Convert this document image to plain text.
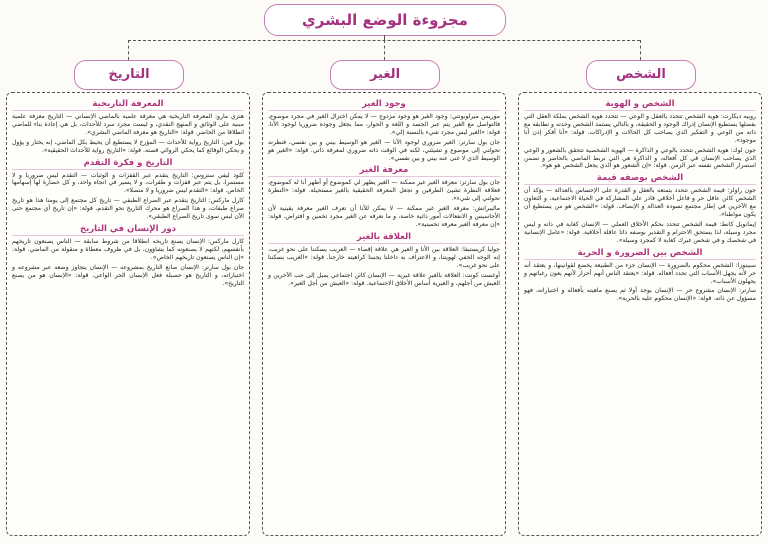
مجزوءة الوضع البشري
التاريخ	الغير	الشخص
الشخص و الهوية
روبيه ديكارت: هوية الشخص تتحدد بالعقل و الوعي — تتحدد هوية الشخص بملكة العقل التي بفضلها يستطيع الإنسان إدراك الوجود و الحقيقة، و بالتالي يستمد الشخص وحدته و تطابقه مع ذاته من الوعي و التفكير الذي يصاحب كل الحالات و الإدراكات. قولة: «أنا أفكر إذن أنا موجود».
جون لوك: هوية الشخص تتحدد بالوعي و الذاكرة — الهوية الشخصية تتحقق بالشعور و الوعي الذي يصاحب الإنسان في كل أفعاله، و الذاكرة هي التي تربط الماضي بالحاضر و تضمن استمرار الشخص نفسه عبر الزمن. قولة: «إن الشعور هو الذي يجعل الشخص هو هو».
الشخص بوصفه قيمة
جون راولز: قيمة الشخص تتحدد بتمتعه بالعقل و القدرة على الإحساس بالعدالة — يؤكد أن الشخص كائن عاقل حر و فاعل أخلاقي قادر على المشاركة في الحياة الاجتماعية، و التعاون مع الآخرين في إطار مجتمع تسوده العدالة و الإنصاف. قولة: «الشخص هو من يستطيع أن يكون مواطنا».
إيمانويل كانط: قيمة الشخص تتحدد بحكم الأخلاق العملي — الإنسان كغاية في ذاته و ليس مجرد وسيلة، لذا يستحق الاحترام و التقدير بوصفه ذاتا عاقلة أخلاقية. قولة: «عامل الإنسانية في شخصك و في شخص غيرك كغاية لا كمجرد وسيلة».
الشخص بين الضرورة و الحرية
سبينوزا: الشخص محكوم بالضرورة — الإنسان جزء من الطبيعة يخضع لقوانينها، و يعتقد أنه حر لأنه يجهل الأسباب التي تحدد أفعاله. قولة: «يعتقد الناس أنهم أحرار لأنهم يعون رغباتهم و يجهلون الأسباب».
سارتر: الإنسان مشروع حر — الإنسان يوجد أولا ثم يصنع ماهيته بأفعاله و اختياراته، فهو مسؤول عن ذاته. قولة: «الإنسان محكوم عليه بالحرية».
وجود الغير
موريس ميرلوبونتي: وجود الغير هو وجود مزدوج — لا يمكن اختزال الغير في مجرد موضوع، فالتواصل مع الغير يتم عبر الجسد و اللغة و الحوار، مما يجعل وجوده ضروريا لوجود الأنا. قولة: «الغير ليس مجرد شيء بالنسبة إلي».
جان بول سارتر: الغير ضروري لوجود الأنا — الغير هو الوسيط بيني و بين نفسي، فنظرته تحولني إلى موضوع و تشيئني، لكنه في الوقت ذاته ضروري لمعرفة ذاتي. قولة: «الغير هو الوسيط الذي لا غنى عنه بيني و بين نفسي».
معرفة الغير
جان بول سارتر: معرفة الغير غير ممكنة — الغير يظهر لي كموضوع أو أظهر أنا له كموضوع، فعلاقة النظرة تشيئ الطرفين و تجعل المعرفة الحقيقية بالغير مستحيلة. قولة: «النظرة تحولني إلى شيء».
ماليبرانش: معرفة الغير غير ممكنة — لا يمكن للأنا أن تعرف الغير معرفة يقينية لأن الأحاسيس و الانفعالات أمور ذاتية خاصة، و ما نعرفه عن الغير مجرد تخمين و افتراض. قولة: «إن معرفة الغير معرفة تخمينية».
العلاقة بالغير
جوليا كريستيفا: العلاقة بين الأنا و الغير هي علاقة إقصاء — الغريب يسكننا على نحو غريب، إنه الوجه الخفي لهويتنا، و الاعتراف به داخلنا يجنبنا كراهيته خارجنا. قولة: «الغريب يسكننا على نحو غريب».
أوغست كونت: العلاقة بالغير علاقة غيرية — الإنسان كائن اجتماعي يميل إلى حب الآخرين و العيش من أجلهم، و الغيرية أساس الأخلاق الاجتماعية. قولة: «العيش من أجل الغير».
المعرفة التاريخية
هنري مارو: المعرفة التاريخية هي معرفة علمية بالماضي الإنساني — التاريخ معرفة علمية مبنية على الوثائق و المنهج النقدي، و ليست مجرد سرد للأحداث، بل هي إعادة بناء للماضي انطلاقا من الحاضر. قولة: «التاريخ هو معرفة الماضي البشري».
بول فين: التاريخ رواية للأحداث — المؤرخ لا يستطيع أن يحيط بكل الماضي، إنه يختار و يؤول و يحكي الوقائع كما يحكي الروائي قصته. قولة: «التاريخ رواية للأحداث الحقيقية».
التاريخ و فكرة التقدم
كلود ليفي ستروس: التاريخ يتقدم عبر القفزات و الوثبات — التقدم ليس ضروريا و لا مستمرا، بل يتم عبر قفزات و طفرات، و لا يسير في اتجاه واحد، و كل حضارة لها إسهامها الخاص. قولة: «التقدم ليس ضروريا و لا متصلا».
كارل ماركس: التاريخ يتقدم عبر الصراع الطبقي — تاريخ كل مجتمع إلى يومنا هذا هو تاريخ صراع طبقات، و هذا الصراع هو محرك التاريخ نحو التقدم. قولة: «إن تاريخ أي مجتمع حتى الآن ليس سوى تاريخ الصراع الطبقي».
دور الإنسان في التاريخ
كارل ماركس: الإنسان يصنع تاريخه انطلاقا من شروط سابقة — الناس يصنعون تاريخهم بأنفسهم، لكنهم لا يصنعونه كما يشاؤون، بل في ظروف معطاة و منقولة من الماضي. قولة: «إن الناس يصنعون تاريخهم الخاص».
جان بول سارتر: الإنسان صانع التاريخ بمشروعه — الإنسان يتجاوز وضعه عبر مشروعه و اختياراته، و التاريخ هو حصيلة فعل الإنسان الحر الواعي. قولة: «الإنسان هو من يصنع التاريخ».
